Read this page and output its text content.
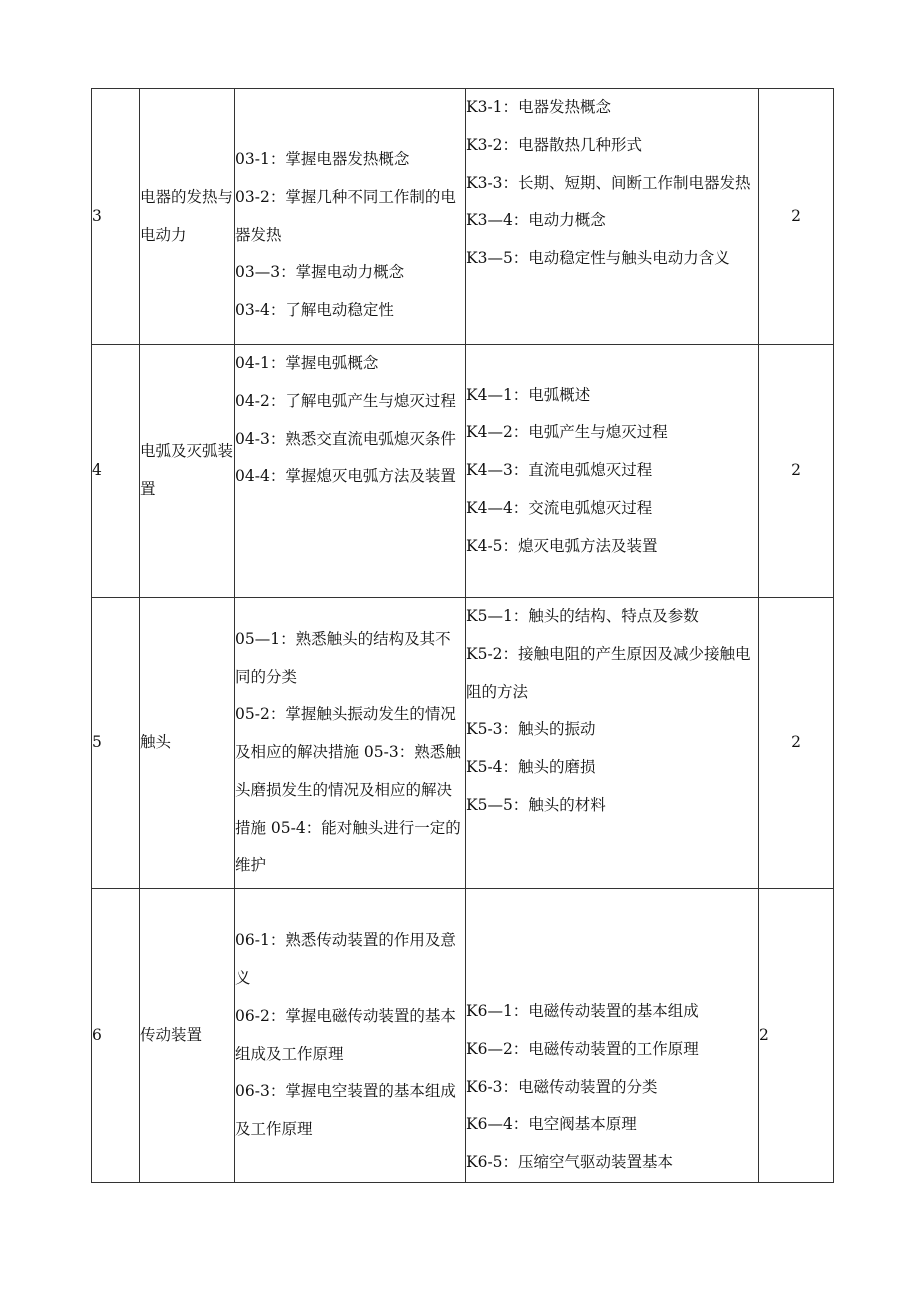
3	电器的发热与电动力	03-1：掌握电器发热概念
03-2：掌握几种不同工作制的电器发热
03—3：掌握电动力概念
03-4：了解电动稳定性	K3-1：电器发热概念
K3-2：电器散热几种形式
K3-3：长期、短期、间断工作制电器发热
K3—4：电动力概念
K3—5：电动稳定性与触头电动力含义	2	
4	电弧及灭弧装置	04-1：掌握电弧概念
04-2：了解电弧产生与熄灭过程
04-3：熟悉交直流电弧熄灭条件
04-4：掌握熄灭电弧方法及装置	K4—1：电弧概述
K4—2：电弧产生与熄灭过程
K4—3：直流电弧熄灭过程
K4—4：交流电弧熄灭过程
K4-5：熄灭电弧方法及装置	2	
5	触头	05—1：熟悉触头的结构及其不同的分类
05-2：掌握触头振动发生的情况及相应的解决措施 05-3：熟悉触头磨损发生的情况及相应的解决措施 05-4：能对触头进行一定的维护	K5—1：触头的结构、特点及参数
K5-2：接触电阻的产生原因及减少接触电阻的方法
K5-3：触头的振动
K5-4：触头的磨损
K5—5：触头的材料	2	
6	传动装置	06-1：熟悉传动装置的作用及意义
06-2：掌握电磁传动装置的基本组成及工作原理
06-3：掌握电空装置的基本组成及工作原理	K6—1：电磁传动装置的基本组成
K6—2：电磁传动装置的工作原理
K6-3：电磁传动装置的分类
K6—4：电空阀基本原理
K6-5：压缩空气驱动装置基本	2	
